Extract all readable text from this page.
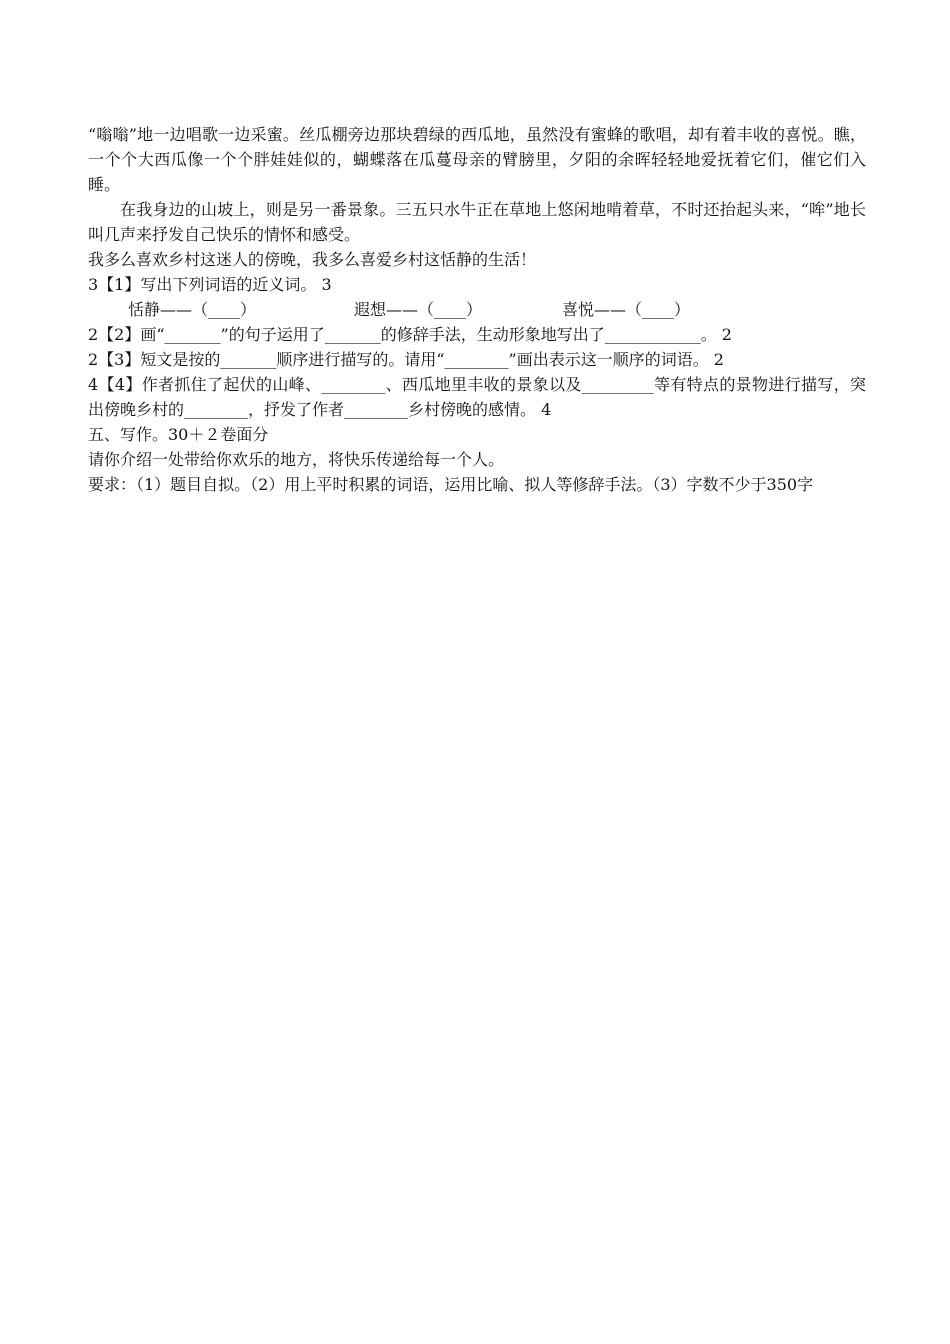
“嗡嗡”地一边唱歌一边采蜜。丝瓜棚旁边那块碧绿的西瓜地，虽然没有蜜蜂的歌唱，却有着丰收的喜悦。瞧，一个个大西瓜像一个个胖娃娃似的，蝴蝶落在瓜蔓母亲的臂膀里，夕阳的余晖轻轻地爱抚着它们，催它们入睡。

在我身边的山坡上，则是另一番景象。三五只水牛正在草地上悠闲地啃着草，不时还抬起头来，“哞”地长叫几声来抒发自己快乐的情怀和感受。

我多么喜欢乡村这迷人的傍晚，我多么喜爱乡村这恬静的生活！

3【1】写出下列词语的近义词。 3

恬静——（____）	遐想——（____）	喜悦——（____）

2【2】画“_______”的句子运用了_______的修辞手法，生动形象地写出了____________。 2

2【3】短文是按的_______顺序进行描写的。请用“________”画出表示这一顺序的词语。 2

4【4】作者抓住了起伏的山峰、________、西瓜地里丰收的景象以及_________等有特点的景物进行描写，突出傍晚乡村的________，抒发了作者________乡村傍晚的感情。 4

五、写作。30＋２卷面分

请你介绍一处带给你欢乐的地方，将快乐传递给每一个人。

要求：（1）题目自拟。（2）用上平时积累的词语，运用比喻、拟人等修辞手法。（3）字数不少于350字
